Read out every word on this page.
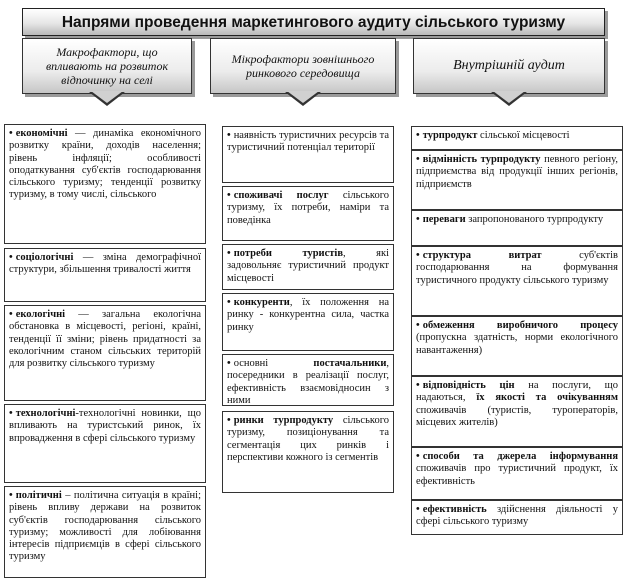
Напрями проведення маркетингового аудиту сільського туризму
Макрофактори, що впливають на розвиток відпочинку на селі
Мікрофактори зовнішнього ринкового середовища	Внутрішній аудит
• економічні — динаміка економічного розвитку країни, доходів населення; рівень інфляції; особливості оподаткування суб'єктів господарювання сільського туризму; тенденції розвитку туризму, в тому числі, сільського
• соціологічні — зміна демографічної структури, збільшення тривалості життя
• екологічні — загальна екологічна обстановка в місцевості, регіоні, країні, тенденції її зміни; рівень придатності за екологічним станом сільських територій для розвитку сільського туризму
• технологічні-технологічні новинки, що впливають на туристський ринок, їх впровадження в сфері сільського туризму
• політичні – політична ситуація в країні; рівень впливу держави на розвиток суб'єктів господарювання сільського туризму; можливості для лобіювання інтересів підприємців в сфері сільського туризму
• наявність туристичних ресурсів та туристичний потенціал території
• споживачі послуг сільського туризму, їх потреби, наміри та поведінка
• потреби туристів, які задовольняє туристичний продукт місцевості
• конкуренти, їх положення на ринку - конкурентна сила, частка ринку
• основні постачальники, посередники в реалізації послуг, ефективність взаємовідносин з ними
• ринки турпродукту сільського туризму, позиціонування та сегментація цих ринків і перспективи кожного із сегментів
• турпродукт сільської місцевості
• відмінність турпродукту певного регіону, підприємства від продукції інших регіонів, підприємств
• переваги запропонованого турпродукту
• структура витрат суб'єктів господарювання на формування туристичного продукту сільського туризму
• обмеження виробничого процесу (пропускна здатність, норми екологічного навантаження)
• відповідність цін на послуги, що надаються, їх якості та очікуванням споживачів (туристів, туроператорів, місцевих жителів)
• способи та джерела інформування споживачів про туристичний продукт, їх ефективність
• ефективність здійснення діяльності у сфері сільського туризму
